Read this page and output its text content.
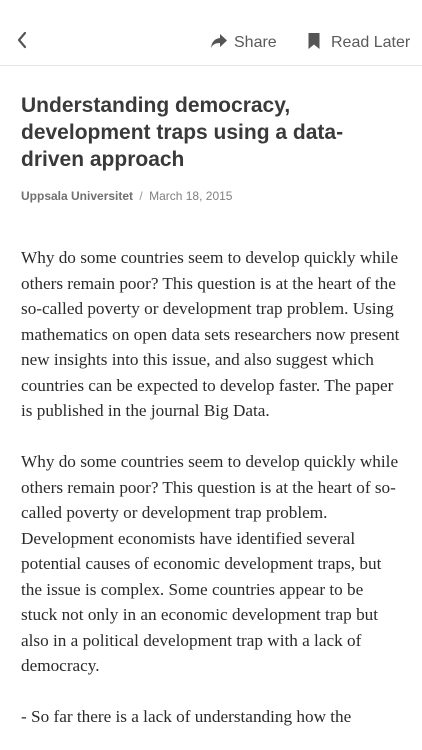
Share	Read Later
Understanding democracy, development traps using a data-driven approach
Uppsala Universitet / March 18, 2015

Why do some countries seem to develop quickly while others remain poor? This question is at the heart of the so-called poverty or development trap problem. Using mathematics on open data sets researchers now present new insights into this issue, and also suggest which countries can be expected to develop faster. The paper is published in the journal Big Data.

Why do some countries seem to develop quickly while others remain poor? This question is at the heart of so-called poverty or development trap problem. Development economists have identified several potential causes of economic development traps, but the issue is complex. Some countries appear to be stuck not only in an economic development trap but also in a political development trap with a lack of democracy.

- So far there is a lack of understanding how the
